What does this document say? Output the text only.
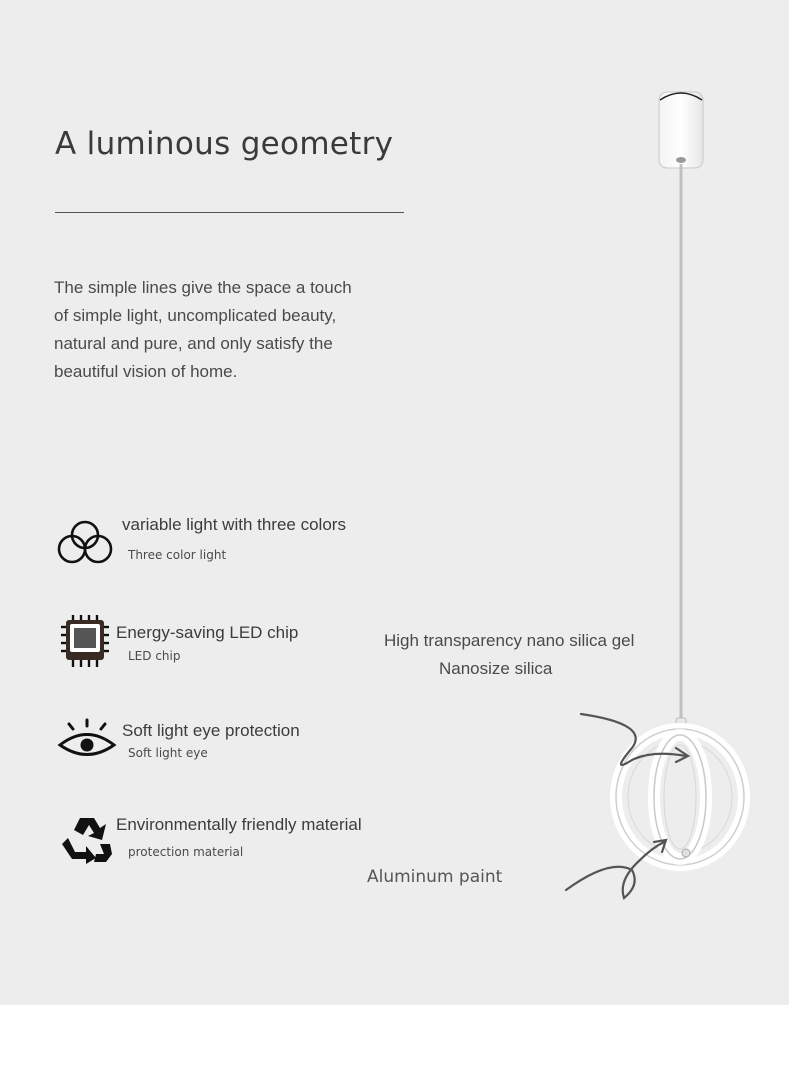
A luminous geometry
The simple lines give the space a touch of simple light, uncomplicated beauty, natural and pure, and only satisfy the beautiful vision of home.
variable light with three colors
Three color light
Energy-saving LED chip
LED chip
Soft light eye protection
Soft light eye
Environmentally friendly material
protection material
High transparency nano silica gel
Nanosize silica
Aluminum paint
